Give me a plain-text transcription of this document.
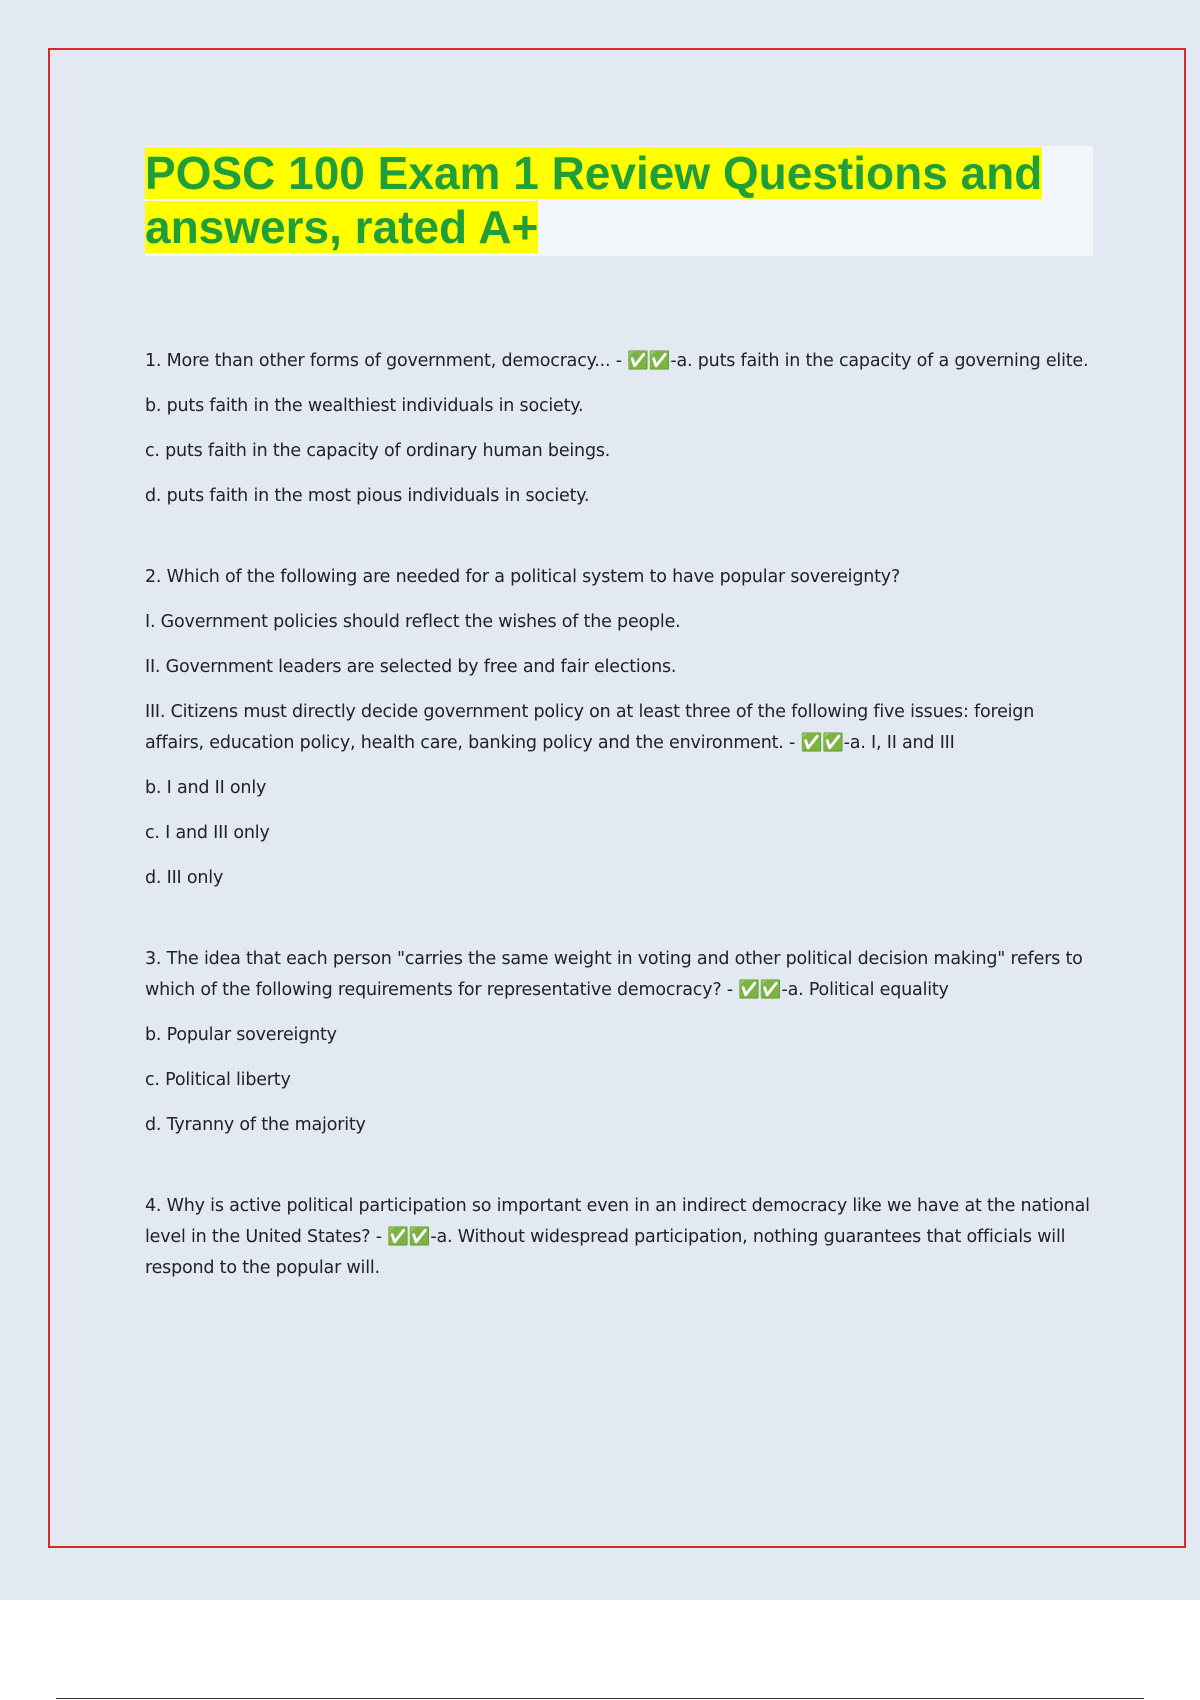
POSC 100 Exam 1 Review Questions and answers, rated A+

1. More than other forms of government, democracy... - ✅✅-a. puts faith in the capacity of a governing elite.

b. puts faith in the wealthiest individuals in society.

c. puts faith in the capacity of ordinary human beings.

d. puts faith in the most pious individuals in society.

2. Which of the following are needed for a political system to have popular sovereignty?

I. Government policies should reflect the wishes of the people.

II. Government leaders are selected by free and fair elections.

III. Citizens must directly decide government policy on at least three of the following five issues: foreign affairs, education policy, health care, banking policy and the environment. - ✅✅-a. I, II and III

b. I and II only

c. I and III only

d. III only

3. The idea that each person "carries the same weight in voting and other political decision making" refers to which of the following requirements for representative democracy? - ✅✅-a. Political equality

b. Popular sovereignty

c. Political liberty

d. Tyranny of the majority

4. Why is active political participation so important even in an indirect democracy like we have at the national level in the United States? - ✅✅-a. Without widespread participation, nothing guarantees that officials will respond to the popular will.
